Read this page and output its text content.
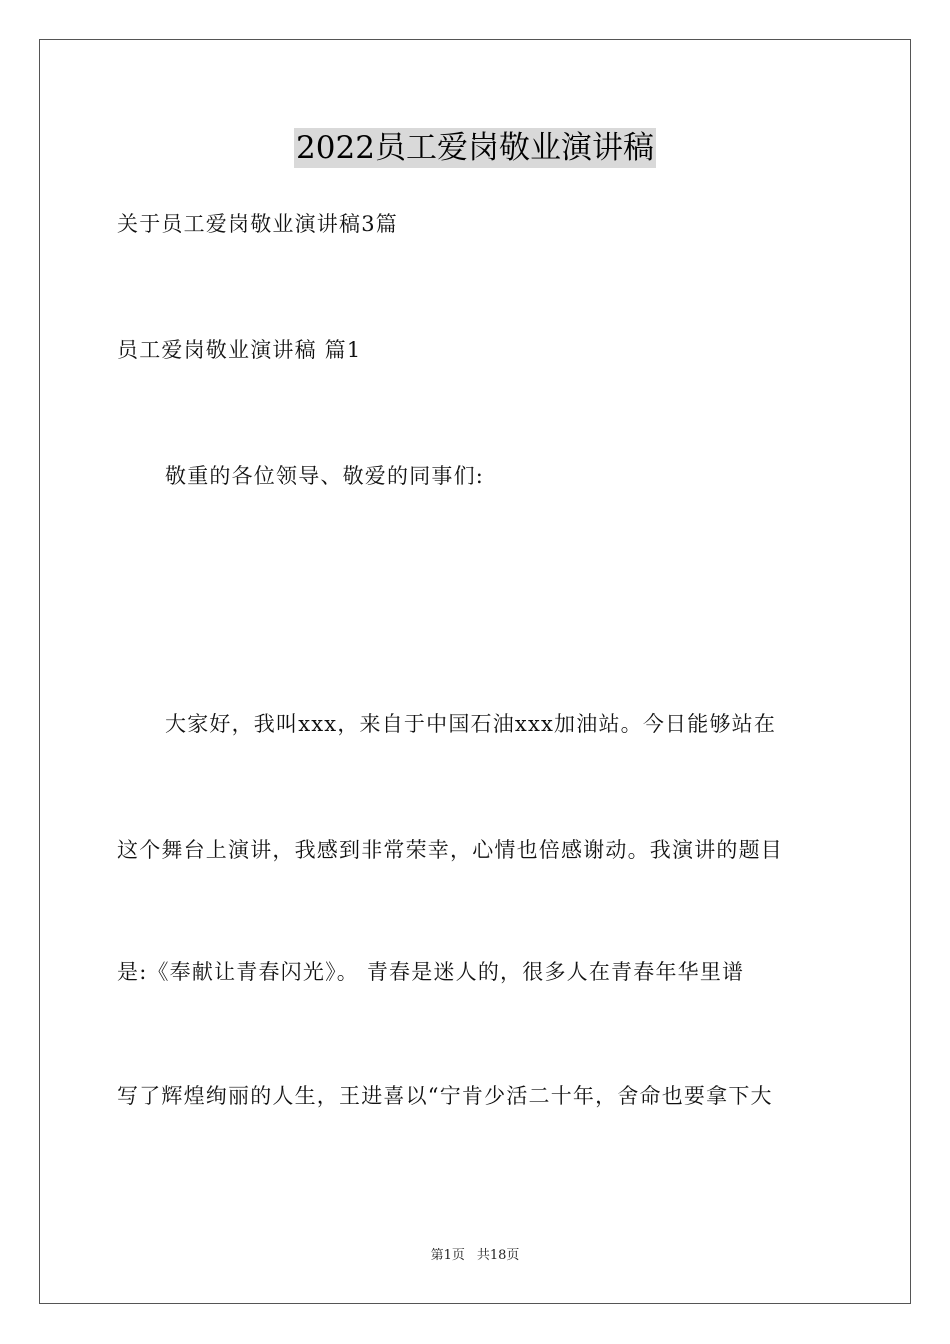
2022员工爱岗敬业演讲稿
关于员工爱岗敬业演讲稿3篇
员工爱岗敬业演讲稿 篇1
敬重的各位领导、敬爱的同事们:
大家好，我叫xxx，来自于中国石油xxx加油站。今日能够站在
这个舞台上演讲，我感到非常荣幸，心情也倍感谢动。我演讲的题目
是:《奉献让青春闪光》。 青春是迷人的，很多人在青春年华里谱
写了辉煌绚丽的人生，王进喜以“宁肯少活二十年，舍命也要拿下大
第1页 共18页
